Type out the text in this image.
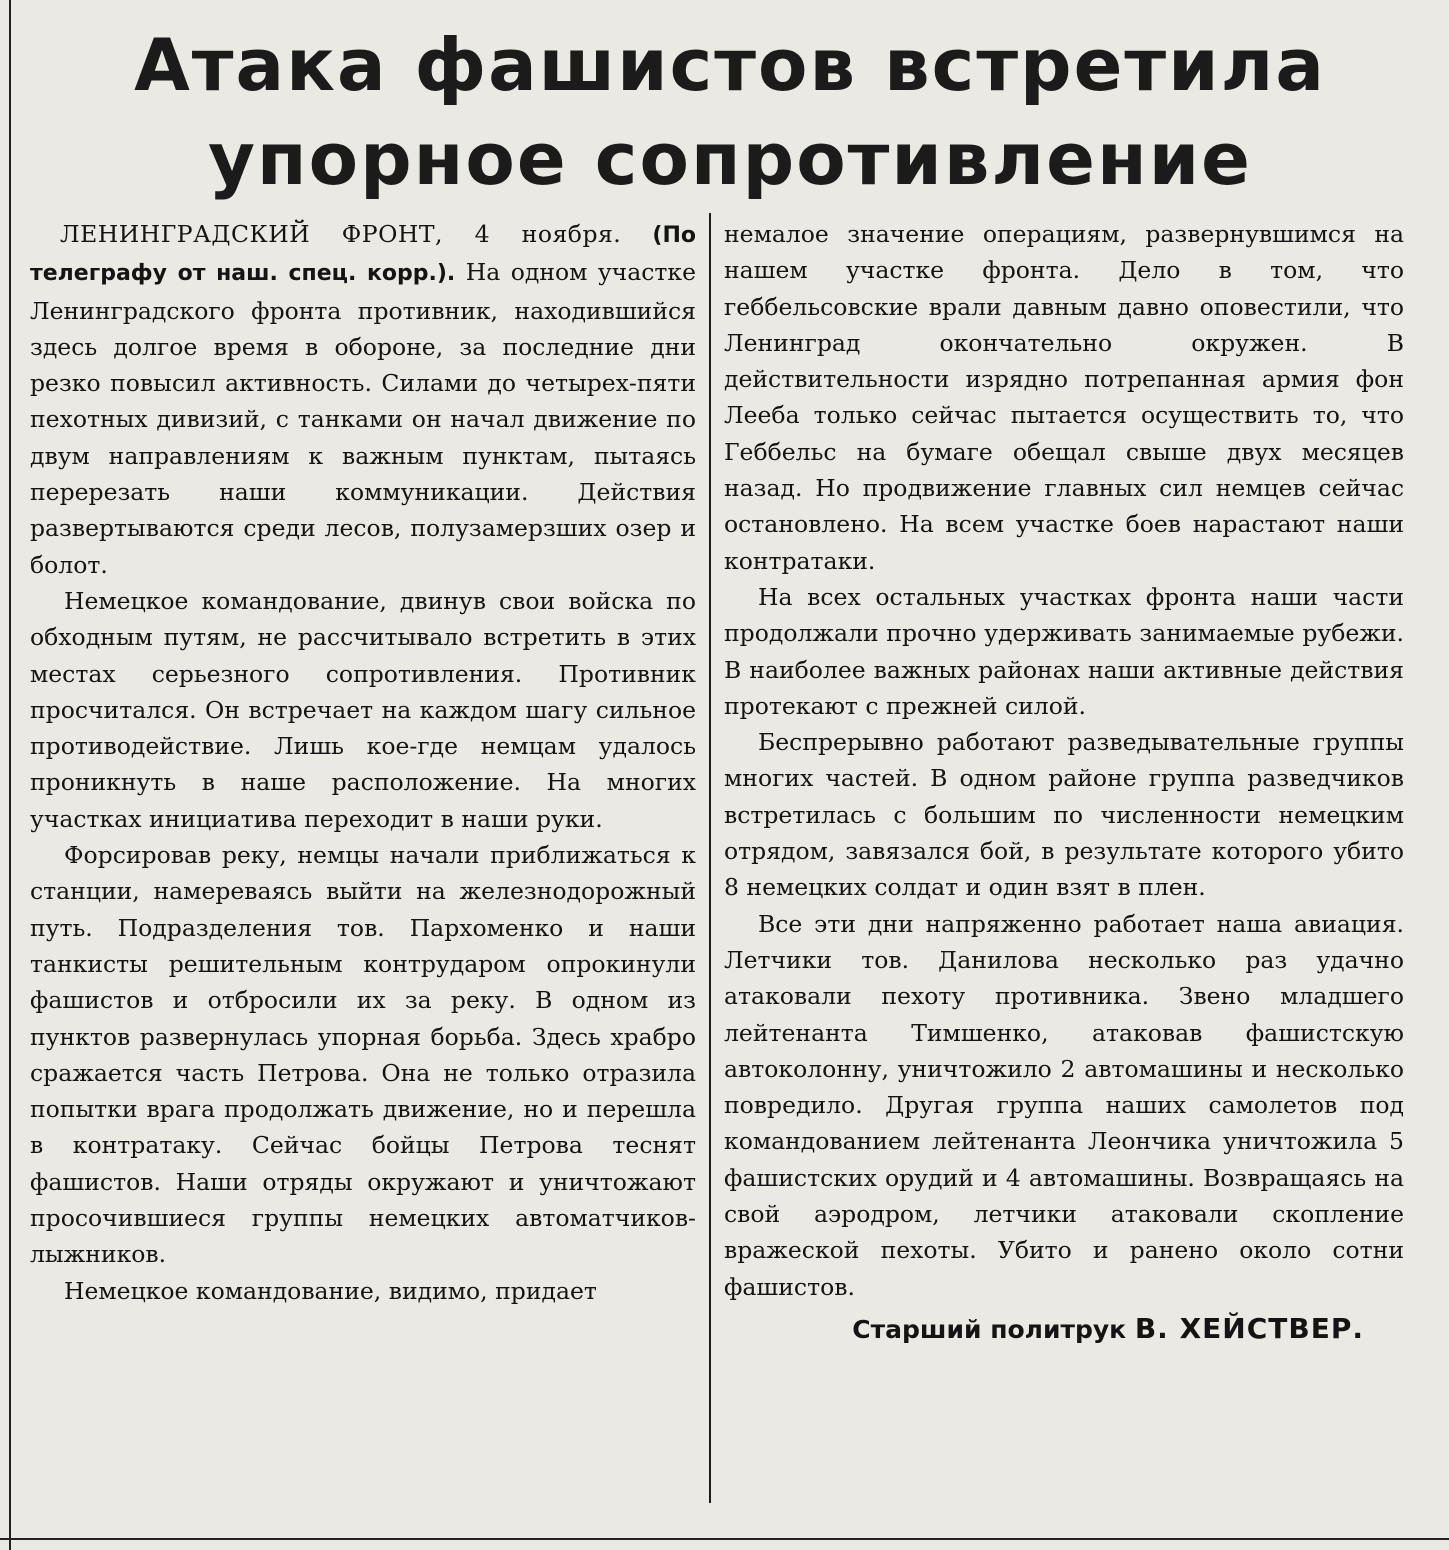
Атака фашистов встретила
упорное сопротивление

ЛЕНИНГРАДСКИЙ ФРОНТ, 4 ноября. (По телеграфу от наш. спец. корр.). На одном участке Ленинградского фронта противник, находившийся здесь долгое время в обороне, за последние дни резко повысил активность. Силами до четырех-пяти пехотных дивизий, с танками он начал движение по двум направлениям к важным пунктам, пытаясь перерезать наши коммуникации. Действия развертываются среди лесов, полузамерзших озер и болот.

Немецкое командование, двинув свои войска по обходным путям, не рассчитывало встретить в этих местах серьезного сопротивления. Противник просчитался. Он встречает на каждом шагу сильное противодействие. Лишь кое-где немцам удалось проникнуть в наше расположение. На многих участках инициатива переходит в наши руки.

Форсировав реку, немцы начали приближаться к станции, намереваясь выйти на железнодорожный путь. Подразделения тов. Пархоменко и наши танкисты решительным контрударом опрокинули фашистов и отбросили их за реку. В одном из пунктов развернулась упорная борьба. Здесь храбро сражается часть Петрова. Она не только отразила попытки врага продолжать движение, но и перешла в контратаку. Сейчас бойцы Петрова теснят фашистов. Наши отряды окружают и уничтожают просочившиеся группы немецких автоматчиков-лыжников.

Немецкое командование, видимо, придает

немалое значение операциям, развернувшимся на нашем участке фронта. Дело в том, что геббельсовские врали давным давно оповестили, что Ленинград окончательно окружен. В действительности изрядно потрепанная армия фон Лееба только сейчас пытается осуществить то, что Геббельс на бумаге обещал свыше двух месяцев назад. Но продвижение главных сил немцев сейчас остановлено. На всем участке боев нарастают наши контратаки.

На всех остальных участках фронта наши части продолжали прочно удерживать занимаемые рубежи. В наиболее важных районах наши активные действия протекают с прежней силой.

Беспрерывно работают разведывательные группы многих частей. В одном районе группа разведчиков встретилась с большим по численности немецким отрядом, завязался бой, в результате которого убито 8 немецких солдат и один взят в плен.

Все эти дни напряженно работает наша авиация. Летчики тов. Данилова несколько раз удачно атаковали пехоту противника. Звено младшего лейтенанта Тимшенко, атаковав фашистскую автоколонну, уничтожило 2 автомашины и несколько повредило. Другая группа наших самолетов под командованием лейтенанта Леончика уничтожила 5 фашистских орудий и 4 автомашины. Возвращаясь на свой аэродром, летчики атаковали скопление вражеской пехоты. Убито и ранено около сотни фашистов.

Старший политрук В. ХЕЙСТВЕР.
